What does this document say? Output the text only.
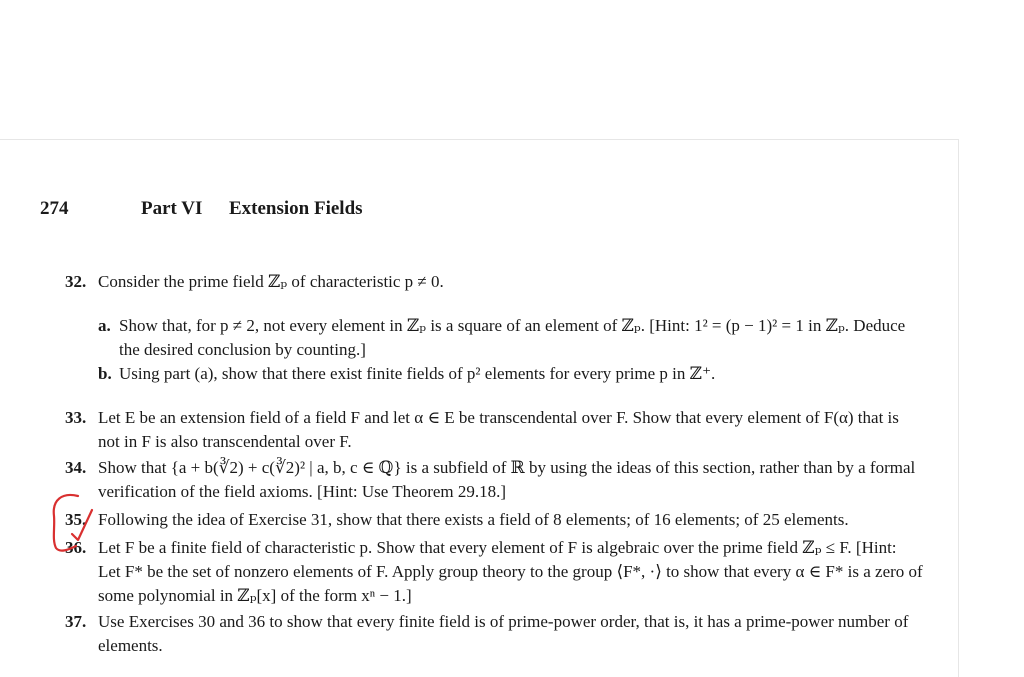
274	Part VI Extension Fields
32. Consider the prime field ℤₚ of characteristic p ≠ 0.
a. Show that, for p ≠ 2, not every element in ℤₚ is a square of an element of ℤₚ. [Hint: 1² = (p − 1)² = 1 in ℤₚ. Deduce the desired conclusion by counting.]
b. Using part (a), show that there exist finite fields of p² elements for every prime p in ℤ⁺.
33. Let E be an extension field of a field F and let α ∈ E be transcendental over F. Show that every element of F(α) that is not in F is also transcendental over F.
34. Show that {a + b(∛2) + c(∛2)² | a, b, c ∈ ℚ} is a subfield of ℝ by using the ideas of this section, rather than by a formal verification of the field axioms. [Hint: Use Theorem 29.18.]
35. Following the idea of Exercise 31, show that there exists a field of 8 elements; of 16 elements; of 25 elements.
36. Let F be a finite field of characteristic p. Show that every element of F is algebraic over the prime field ℤₚ ≤ F. [Hint: Let F* be the set of nonzero elements of F. Apply group theory to the group ⟨F*, ·⟩ to show that every α ∈ F* is a zero of some polynomial in ℤₚ[x] of the form xⁿ − 1.]
37. Use Exercises 30 and 36 to show that every finite field is of prime-power order, that is, it has a prime-power number of elements.
